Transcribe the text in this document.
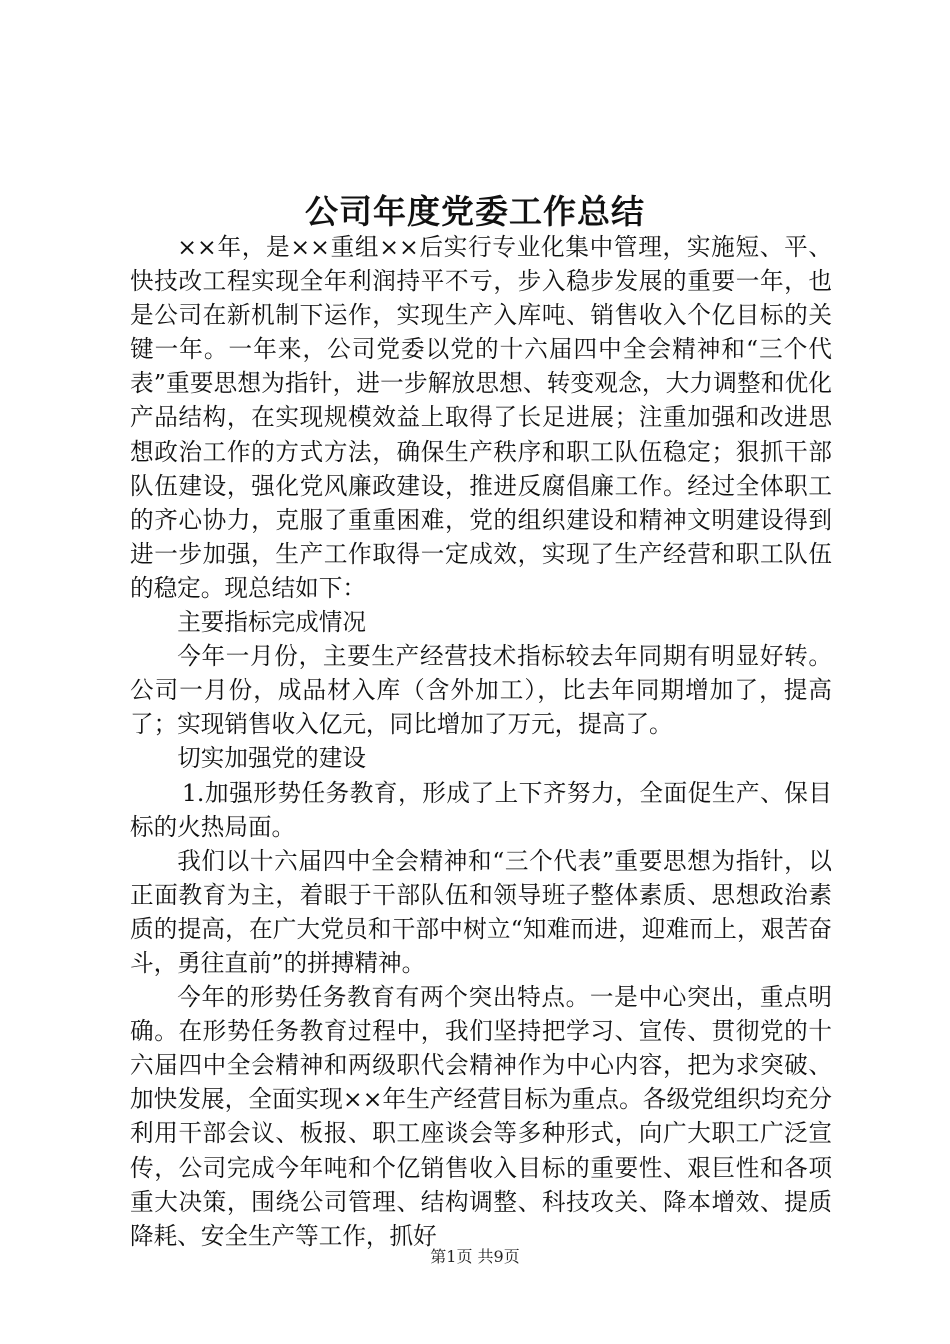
公司年度党委工作总结

××年，是××重组××后实行专业化集中管理，实施短、平、快技改工程实现全年利润持平不亏，步入稳步发展的重要一年，也是公司在新机制下运作，实现生产入库吨、销售收入个亿目标的关键一年。一年来，公司党委以党的十六届四中全会精神和“三个代表”重要思想为指针，进一步解放思想、转变观念，大力调整和优化产品结构，在实现规模效益上取得了长足进展；注重加强和改进思想政治工作的方式方法，确保生产秩序和职工队伍稳定；狠抓干部队伍建设，强化党风廉政建设，推进反腐倡廉工作。经过全体职工的齐心协力，克服了重重困难，党的组织建设和精神文明建设得到进一步加强，生产工作取得一定成效，实现了生产经营和职工队伍的稳定。现总结如下：

主要指标完成情况

今年一月份，主要生产经营技术指标较去年同期有明显好转。公司一月份，成品材入库（含外加工），比去年同期增加了，提高了；实现销售收入亿元，同比增加了万元，提高了。

切实加强党的建设

1.加强形势任务教育，形成了上下齐努力，全面促生产、保目标的火热局面。

我们以十六届四中全会精神和“三个代表”重要思想为指针，以正面教育为主，着眼于干部队伍和领导班子整体素质、思想政治素质的提高，在广大党员和干部中树立“知难而进，迎难而上，艰苦奋斗，勇往直前”的拼搏精神。

今年的形势任务教育有两个突出特点。一是中心突出，重点明确。在形势任务教育过程中，我们坚持把学习、宣传、贯彻党的十六届四中全会精神和两级职代会精神作为中心内容，把为求突破、加快发展，全面实现××年生产经营目标为重点。各级党组织均充分利用干部会议、板报、职工座谈会等多种形式，向广大职工广泛宣传，公司完成今年吨和个亿销售收入目标的重要性、艰巨性和各项重大决策，围绕公司管理、结构调整、科技攻关、降本增效、提质降耗、安全生产等工作，抓好

第1页 共9页
